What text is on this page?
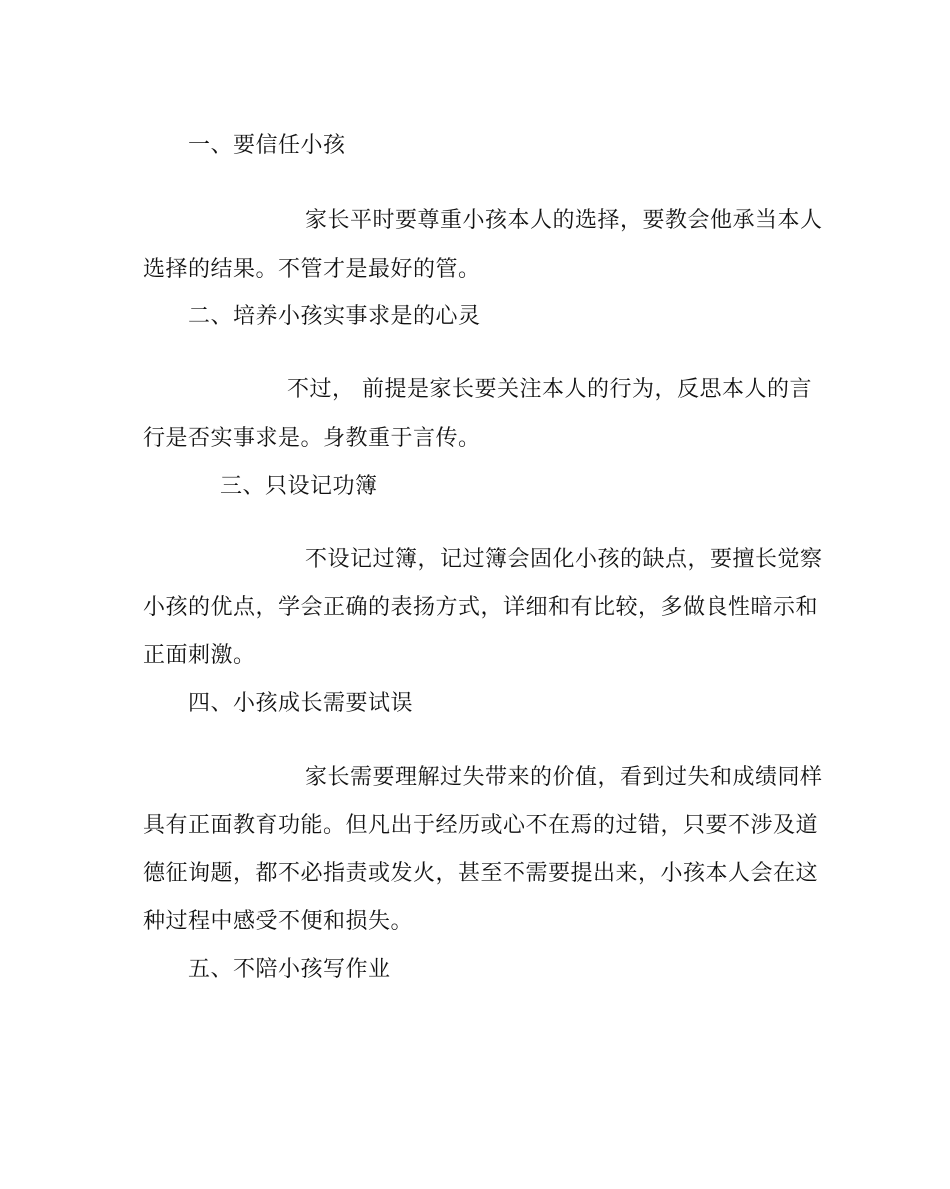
一、要信任小孩
家长平时要尊重小孩本人的选择，要教会他承当本人
选择的结果。不管才是最好的管。
二、培养小孩实事求是的心灵
不过， 前提是家长要关注本人的行为，反思本人的言
行是否实事求是。身教重于言传。
三、只设记功簿
不设记过簿，记过簿会固化小孩的缺点，要擅长觉察
小孩的优点，学会正确的表扬方式，详细和有比较，多做良性暗示和
正面刺激。
四、小孩成长需要试误
家长需要理解过失带来的价值，看到过失和成绩同样
具有正面教育功能。但凡出于经历或心不在焉的过错，只要不涉及道
德征询题，都不必指责或发火，甚至不需要提出来，小孩本人会在这
种过程中感受不便和损失。
五、不陪小孩写作业
